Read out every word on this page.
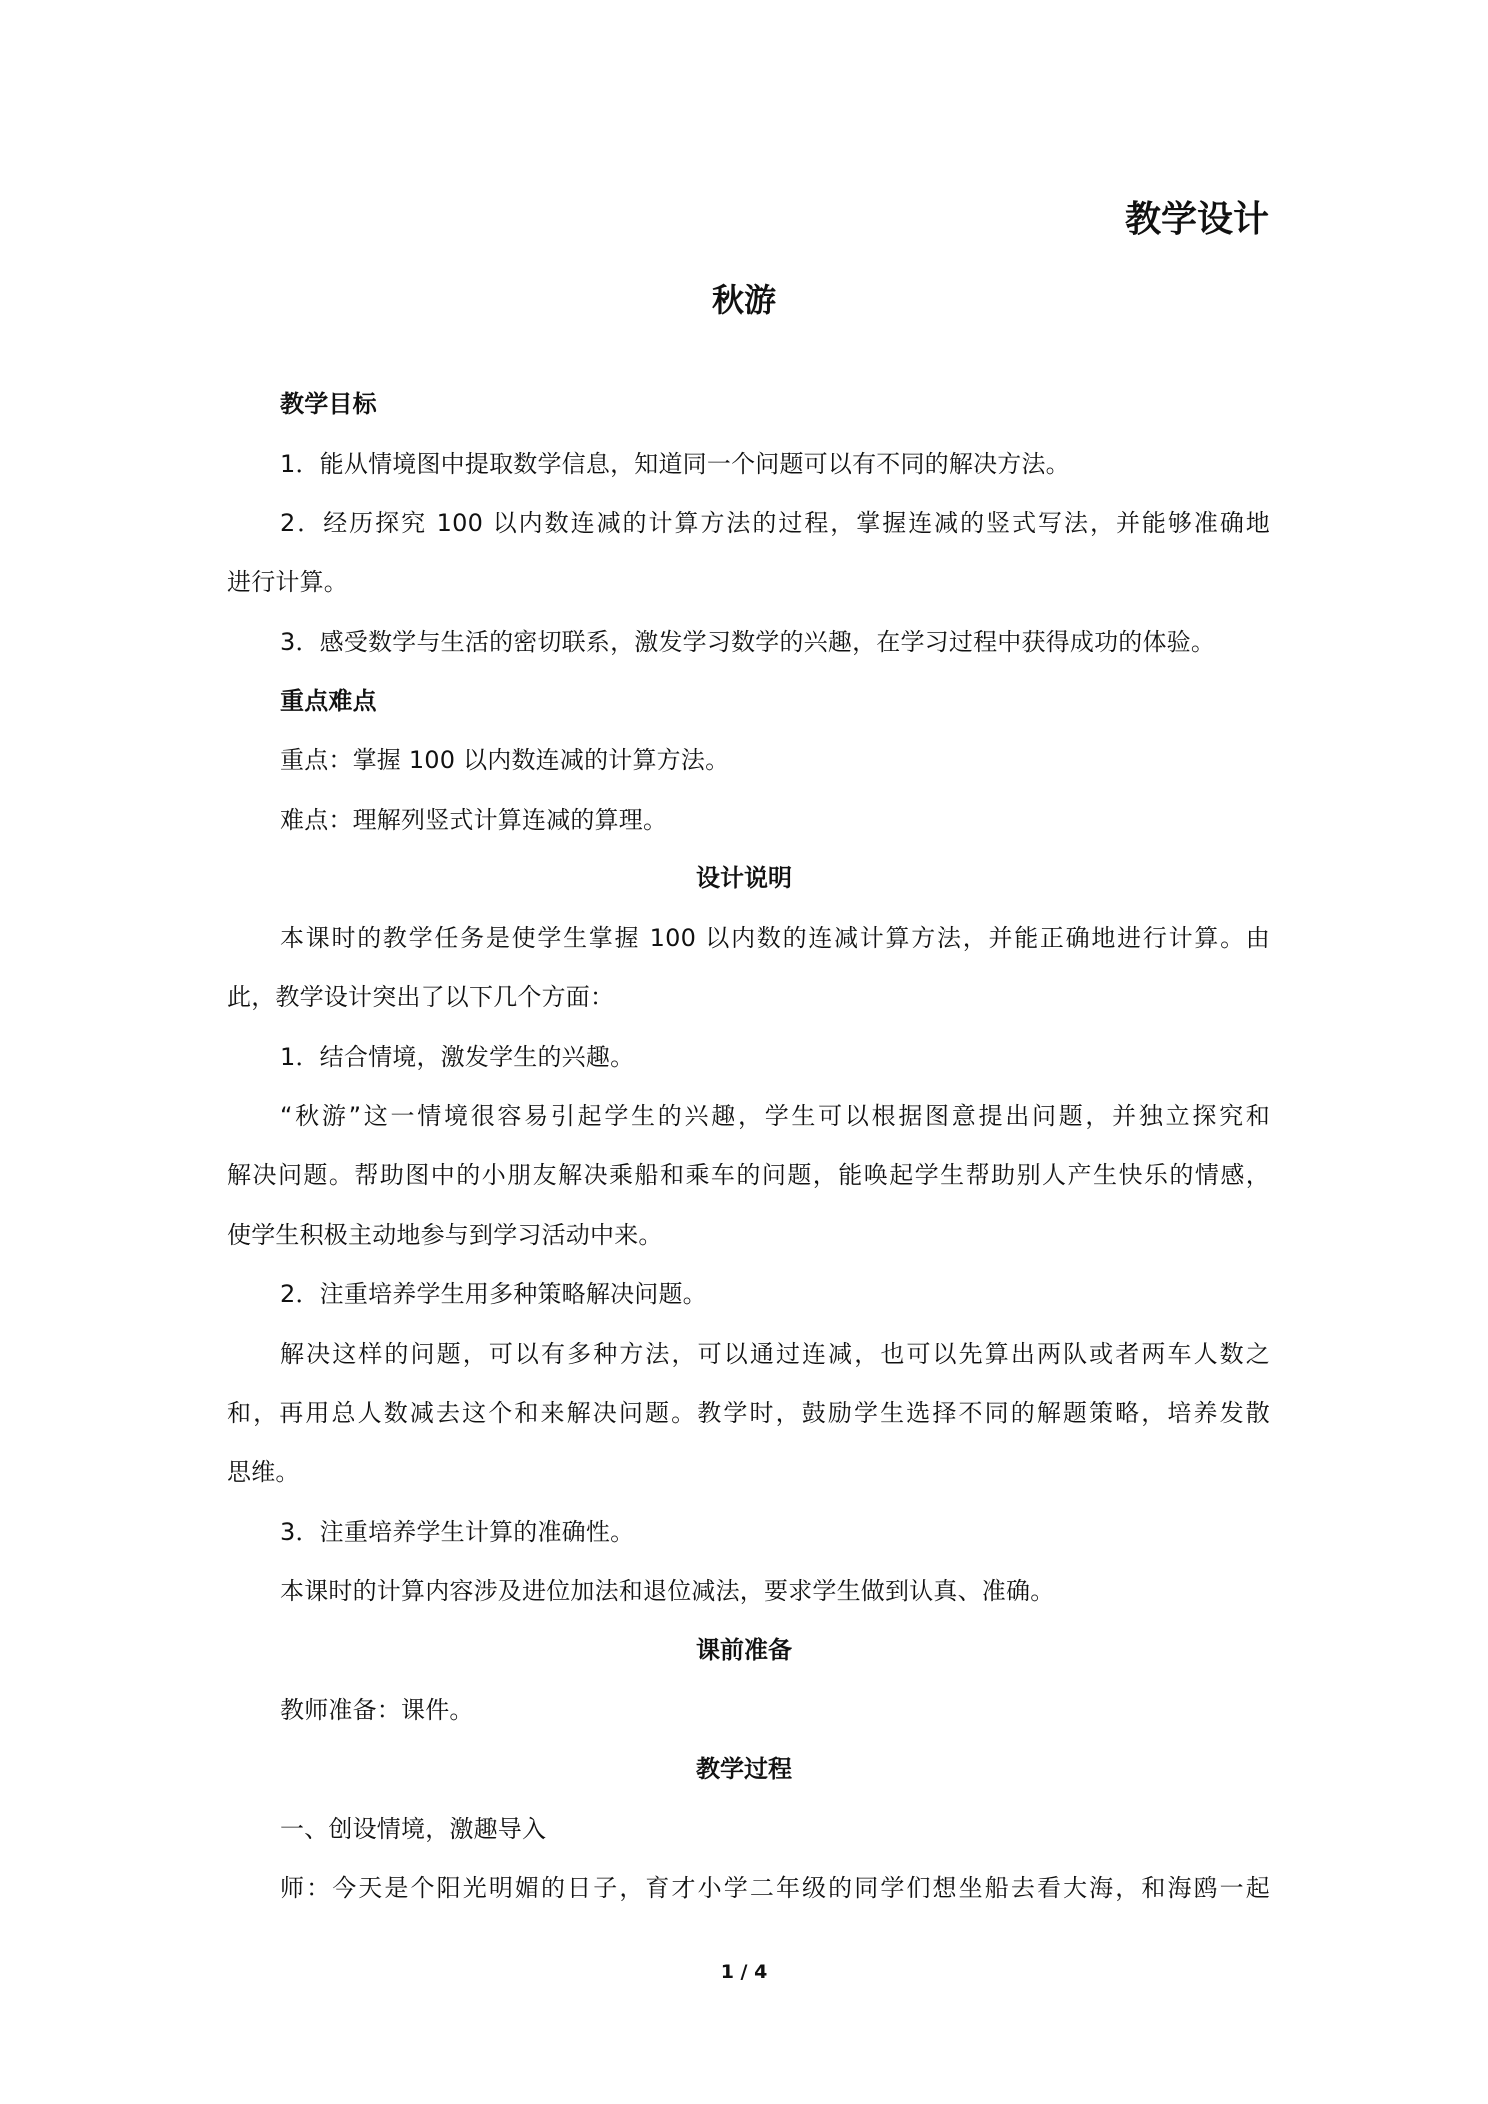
教学设计
秋游

教学目标

1．能从情境图中提取数学信息，知道同一个问题可以有不同的解决方法。

2．经历探究 100 以内数连减的计算方法的过程，掌握连减的竖式写法，并能够准确地

进行计算。

3．感受数学与生活的密切联系，激发学习数学的兴趣，在学习过程中获得成功的体验。

重点难点

重点：掌握 100 以内数连减的计算方法。

难点：理解列竖式计算连减的算理。

设计说明

本课时的教学任务是使学生掌握 100 以内数的连减计算方法，并能正确地进行计算。由

此，教学设计突出了以下几个方面：

1．结合情境，激发学生的兴趣。

“秋游”这一情境很容易引起学生的兴趣，学生可以根据图意提出问题，并独立探究和

解决问题。帮助图中的小朋友解决乘船和乘车的问题，能唤起学生帮助别人产生快乐的情感，

使学生积极主动地参与到学习活动中来。

2．注重培养学生用多种策略解决问题。

解决这样的问题，可以有多种方法，可以通过连减，也可以先算出两队或者两车人数之

和，再用总人数减去这个和来解决问题。教学时，鼓励学生选择不同的解题策略，培养发散

思维。

3．注重培养学生计算的准确性。

本课时的计算内容涉及进位加法和退位减法，要求学生做到认真、准确。

课前准备

教师准备：课件。

教学过程

一、创设情境，激趣导入

师：今天是个阳光明媚的日子，育才小学二年级的同学们想坐船去看大海，和海鸥一起

1 / 4
